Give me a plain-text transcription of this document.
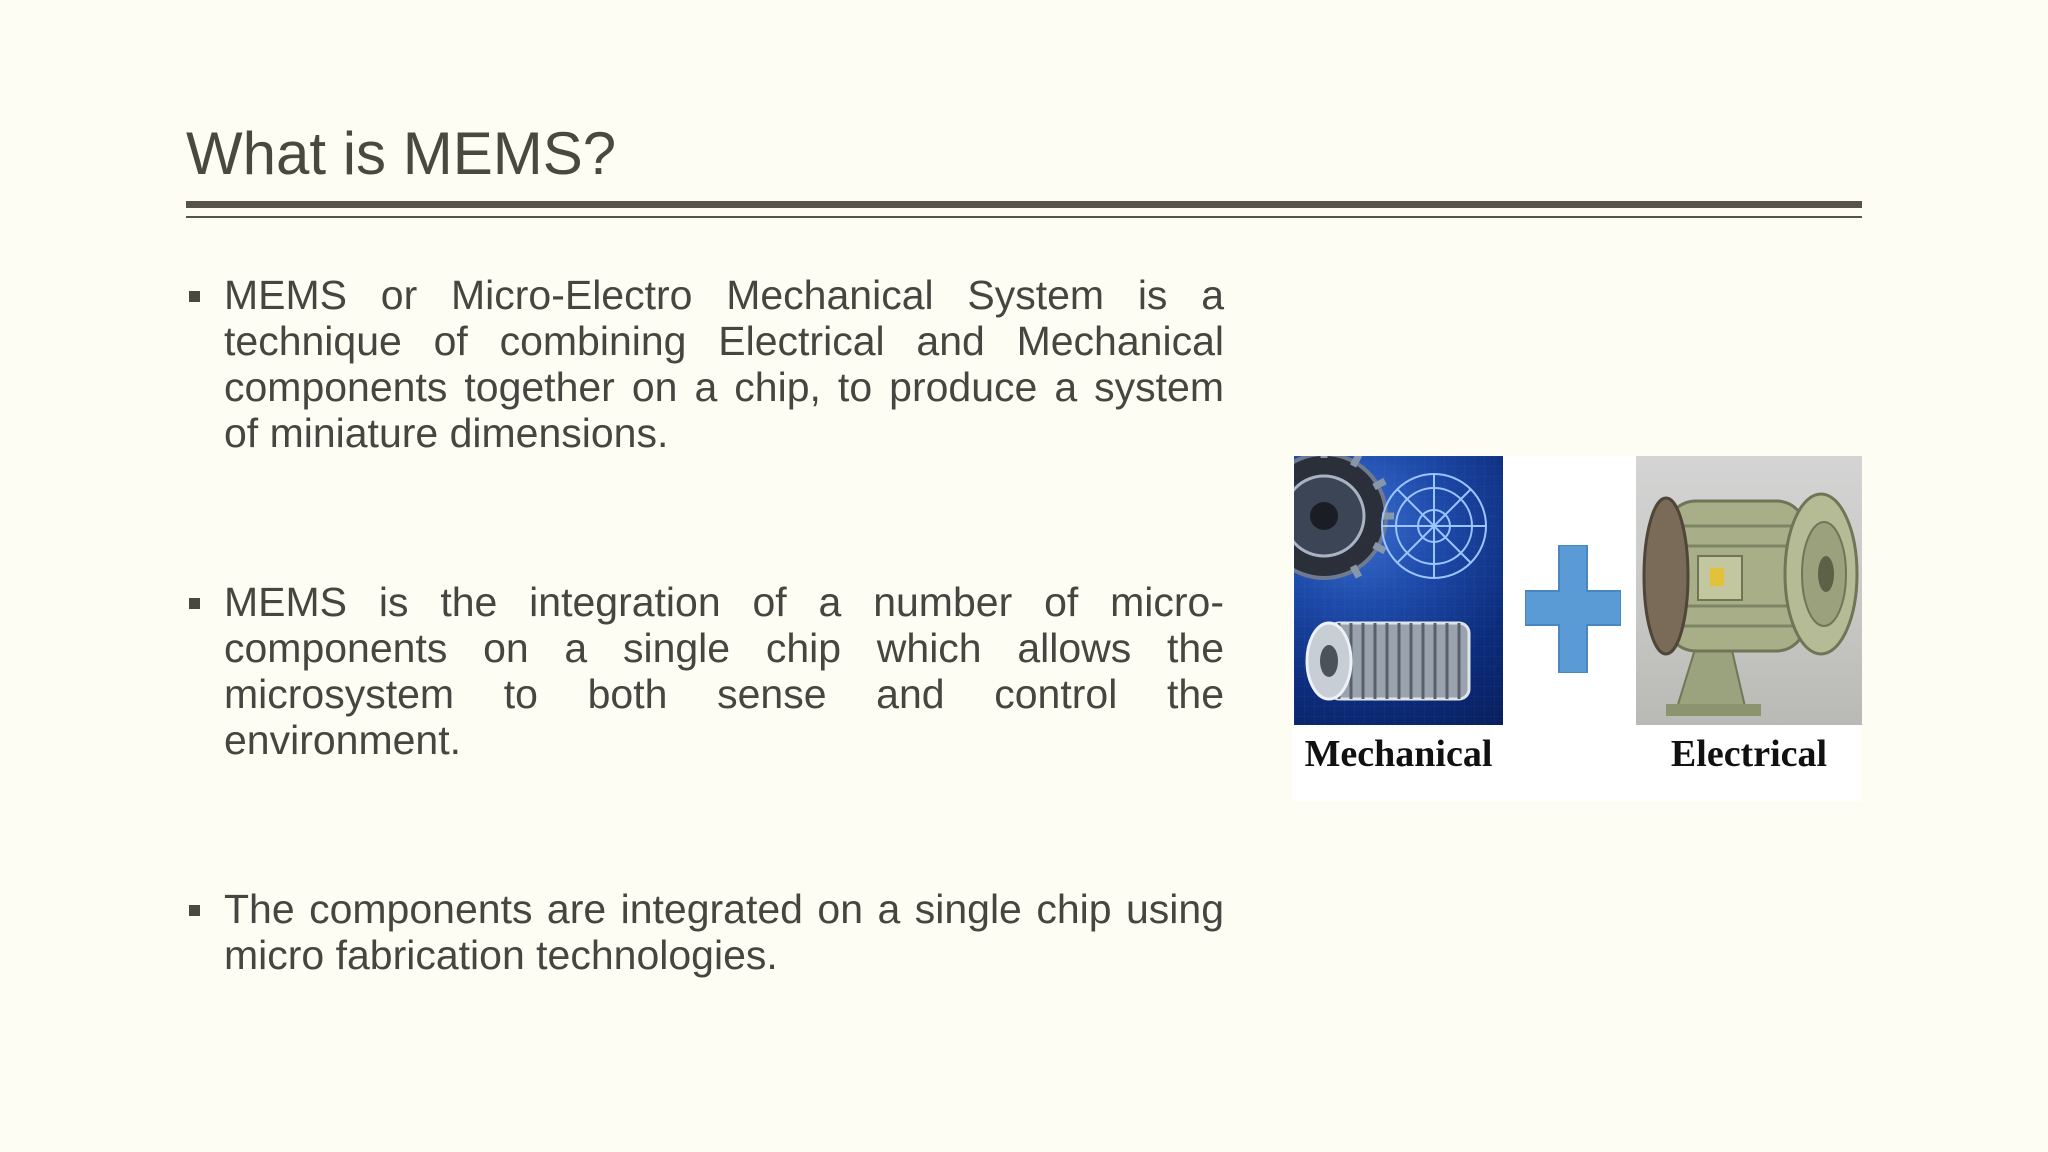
What is MEMS?
MEMS or Micro-Electro Mechanical System is a technique of combining Electrical and Mechanical components together on a chip, to produce a system of miniature dimensions.
MEMS is the integration of a number of micro-components on a single chip which allows the microsystem to both sense and control the environment.
The components are integrated on a single chip using micro fabrication technologies.
Mechanical	Electrical
